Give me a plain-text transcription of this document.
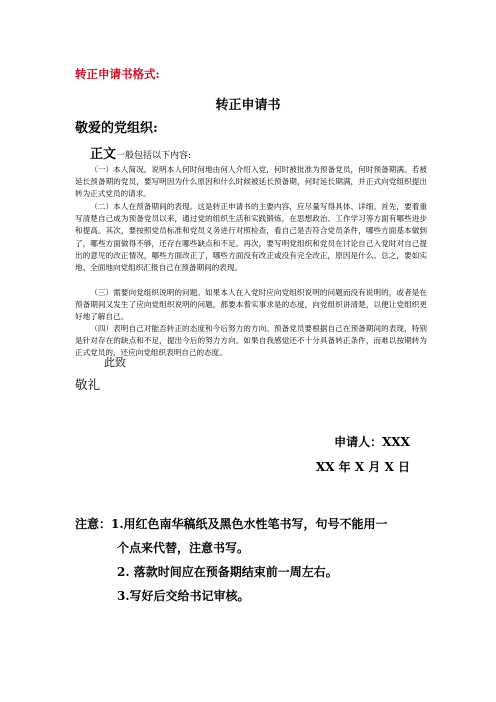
转正申请书格式:
转正申请书
敬爱的党组织:
正文一般包括以下内容:

（一）本人简况。说明本人何时何地由何人介绍入党，何时被批准为预备党员，何时预备期满。若被延长预备期的党员，要写明因为什么原因和什么时候被延长预备期，何时延长期满，并正式向党组织提出转为正式党员的请求。

（二）本人在预备期间的表现。这是转正申请书的主要内容，应尽量写得具体、详细。首先，要着重写清楚自己成为预备党员以来，通过党的组织生活和实践锻炼，在思想政治、工作学习等方面有哪些进步和提高。其次，要按照党员标准和党员义务进行对照检查，看自己是否符合党员条件，哪些方面基本做到了，哪些方面做得不够，还存在哪些缺点和不足。再次，要写明党组织和党员在讨论自己入党时对自己提出的意见的改正情况，哪些方面改正了，哪些方面没有改正或没有完全改正，原因是什么。总之，要如实地、全面地向党组织汇报自己在预备期间的表现。

（三）需要向党组织说明的问题。如果本人在入党时应向党组织说明的问题而没有说明的，或者是在预备期间又发生了应向党组织说明的问题，都要本着实事求是的态度，向党组织讲清楚，以便让党组织更好地了解自己。

（四）表明自己对能否转正的态度和今后努力的方向。预备党员要根据自己在预备期间的表现，特别是针对存在的缺点和不足，提出今后的努力方向。如果自我感觉还不十分具备转正条件，而难以按期转为正式党员的，还应向党组织表明自己的态度。

此致
敬礼
申请人：XXX
XX 年 X 月 X 日
注意：1.用红色南华稿纸及黑色水性笔书写，句号不能用一
个点来代替，注意书写。
2. 落款时间应在预备期结束前一周左右。
3.写好后交给书记审核。
